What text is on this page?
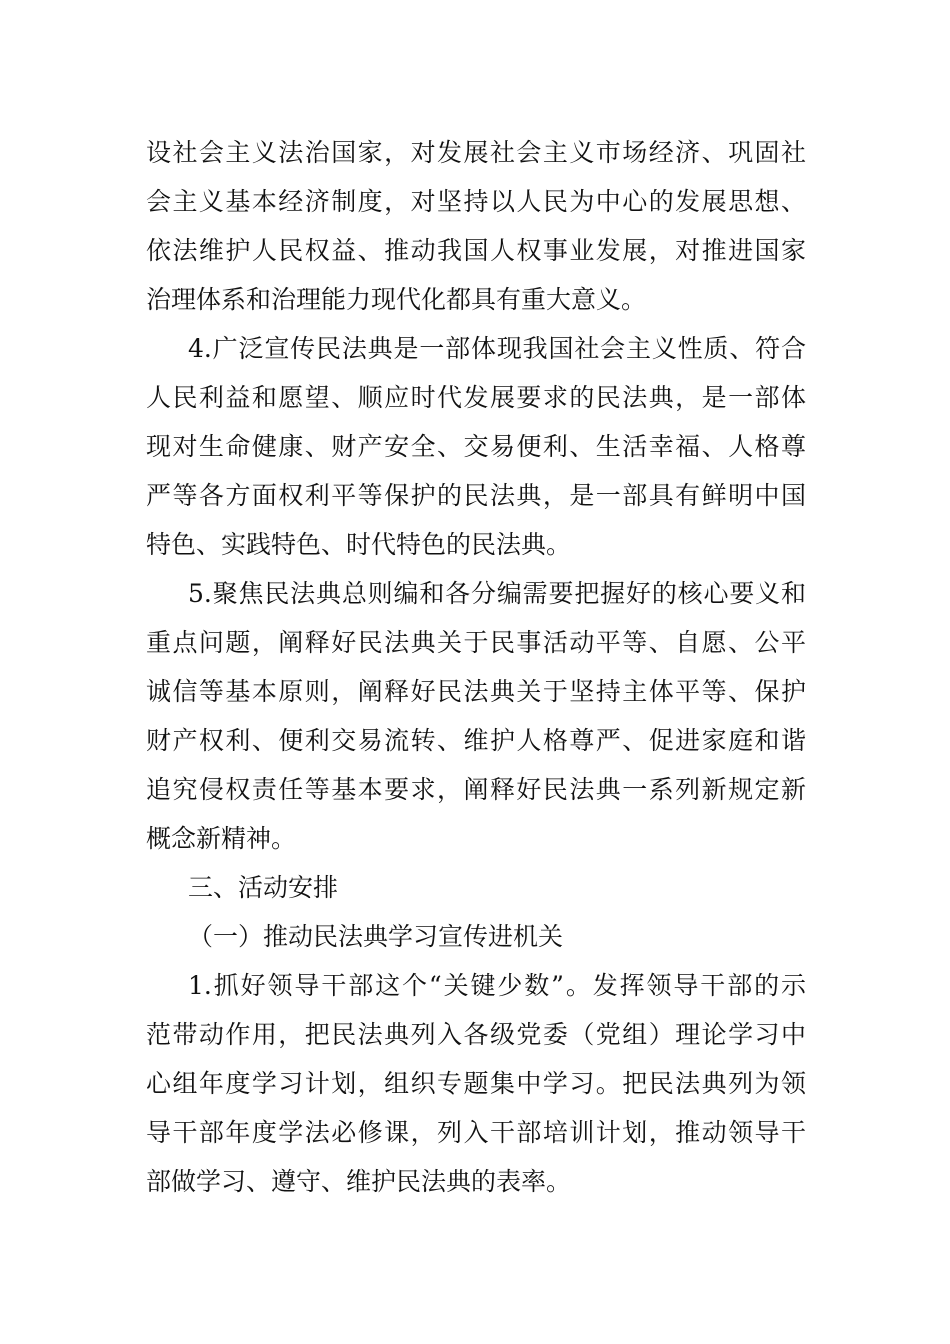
设社会主义法治国家，对发展社会主义市场经济、巩固社
会主义基本经济制度，对坚持以人民为中心的发展思想、
依法维护人民权益、推动我国人权事业发展，对推进国家
治理体系和治理能力现代化都具有重大意义。
4.广泛宣传民法典是一部体现我国社会主义性质、符合
人民利益和愿望、顺应时代发展要求的民法典，是一部体
现对生命健康、财产安全、交易便利、生活幸福、人格尊
严等各方面权利平等保护的民法典，是一部具有鲜明中国
特色、实践特色、时代特色的民法典。
5.聚焦民法典总则编和各分编需要把握好的核心要义和
重点问题，阐释好民法典关于民事活动平等、自愿、公平
诚信等基本原则，阐释好民法典关于坚持主体平等、保护
财产权利、便利交易流转、维护人格尊严、促进家庭和谐
追究侵权责任等基本要求，阐释好民法典一系列新规定新
概念新精神。
三、活动安排
（一）推动民法典学习宣传进机关
1.抓好领导干部这个“关键少数”。发挥领导干部的示
范带动作用，把民法典列入各级党委（党组）理论学习中
心组年度学习计划，组织专题集中学习。把民法典列为领
导干部年度学法必修课，列入干部培训计划，推动领导干
部做学习、遵守、维护民法典的表率。
